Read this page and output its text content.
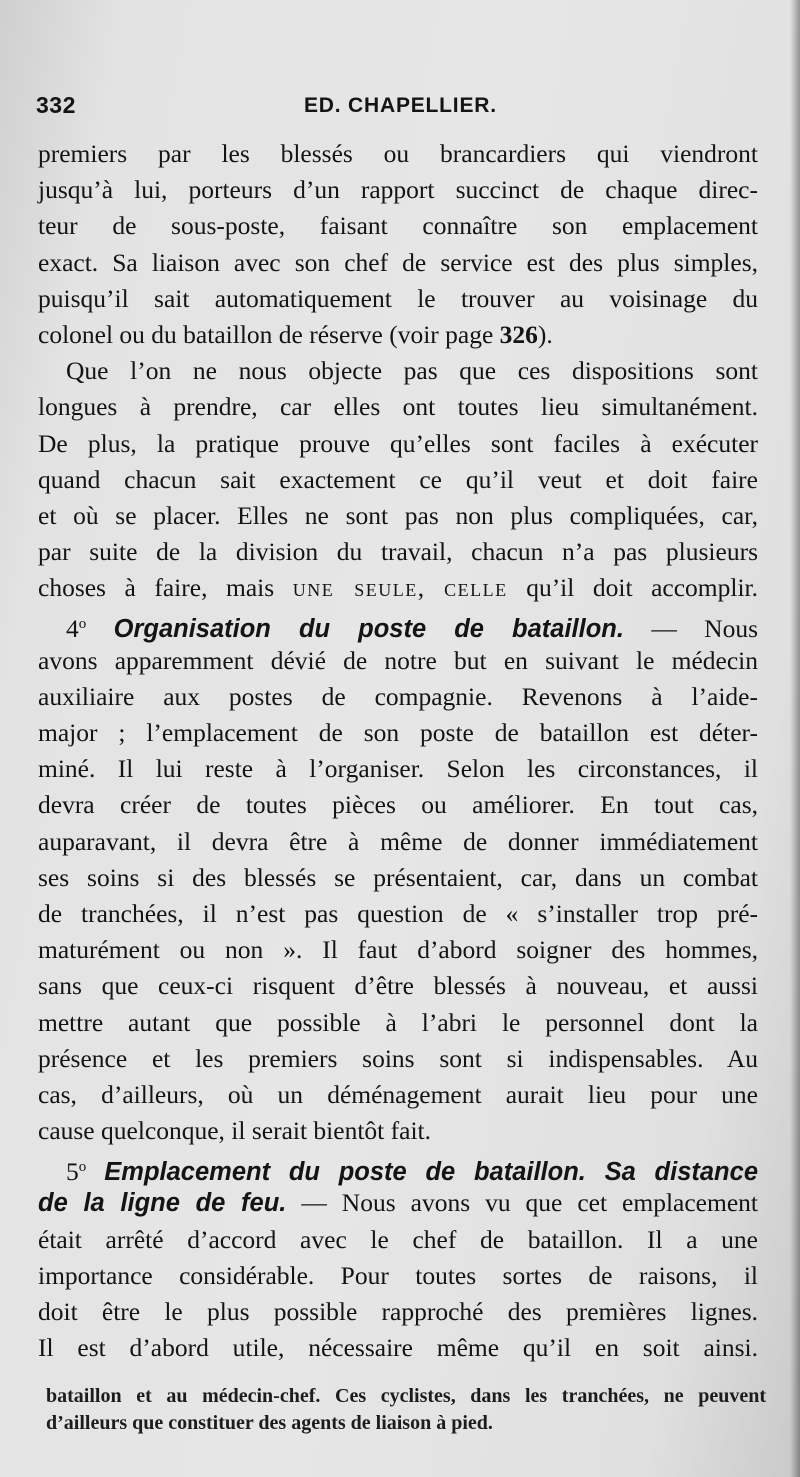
332	ED. CHAPELLIER.
premiers par les blessés ou brancardiers qui viendront
jusqu’à lui, porteurs d’un rapport succinct de chaque direc-
teur de sous-poste, faisant connaître son emplacement
exact. Sa liaison avec son chef de service est des plus simples,
puisqu’il sait automatiquement le trouver au voisinage du
colonel ou du bataillon de réserve (voir page 326).
Que l’on ne nous objecte pas que ces dispositions sont
longues à prendre, car elles ont toutes lieu simultanément.
De plus, la pratique prouve qu’elles sont faciles à exécuter
quand chacun sait exactement ce qu’il veut et doit faire
et où se placer. Elles ne sont pas non plus compliquées, car,
par suite de la division du travail, chacun n’a pas plusieurs
choses à faire, mais une seule, celle qu’il doit accomplir.
4$^o$ Organisation du poste de bataillon. — Nous
avons apparemment dévié de notre but en suivant le médecin
auxiliaire aux postes de compagnie. Revenons à l’aide-
major ; l’emplacement de son poste de bataillon est déter-
miné. Il lui reste à l’organiser. Selon les circonstances, il
devra créer de toutes pièces ou améliorer. En tout cas,
auparavant, il devra être à même de donner immédiatement
ses soins si des blessés se présentaient, car, dans un combat
de tranchées, il n’est pas question de « s’installer trop pré-
maturément ou non ». Il faut d’abord soigner des hommes,
sans que ceux-ci risquent d’être blessés à nouveau, et aussi
mettre autant que possible à l’abri le personnel dont la
présence et les premiers soins sont si indispensables. Au
cas, d’ailleurs, où un déménagement aurait lieu pour une
cause quelconque, il serait bientôt fait.
5$^o$ Emplacement du poste de bataillon. Sa distance
de la ligne de feu. — Nous avons vu que cet emplacement
était arrêté d’accord avec le chef de bataillon. Il a une
importance considérable. Pour toutes sortes de raisons, il
doit être le plus possible rapproché des premières lignes.
Il est d’abord utile, nécessaire même qu’il en soit ainsi.
bataillon et au médecin-chef. Ces cyclistes, dans les tranchées, ne peuvent
d’ailleurs que constituer des agents de liaison à pied.
